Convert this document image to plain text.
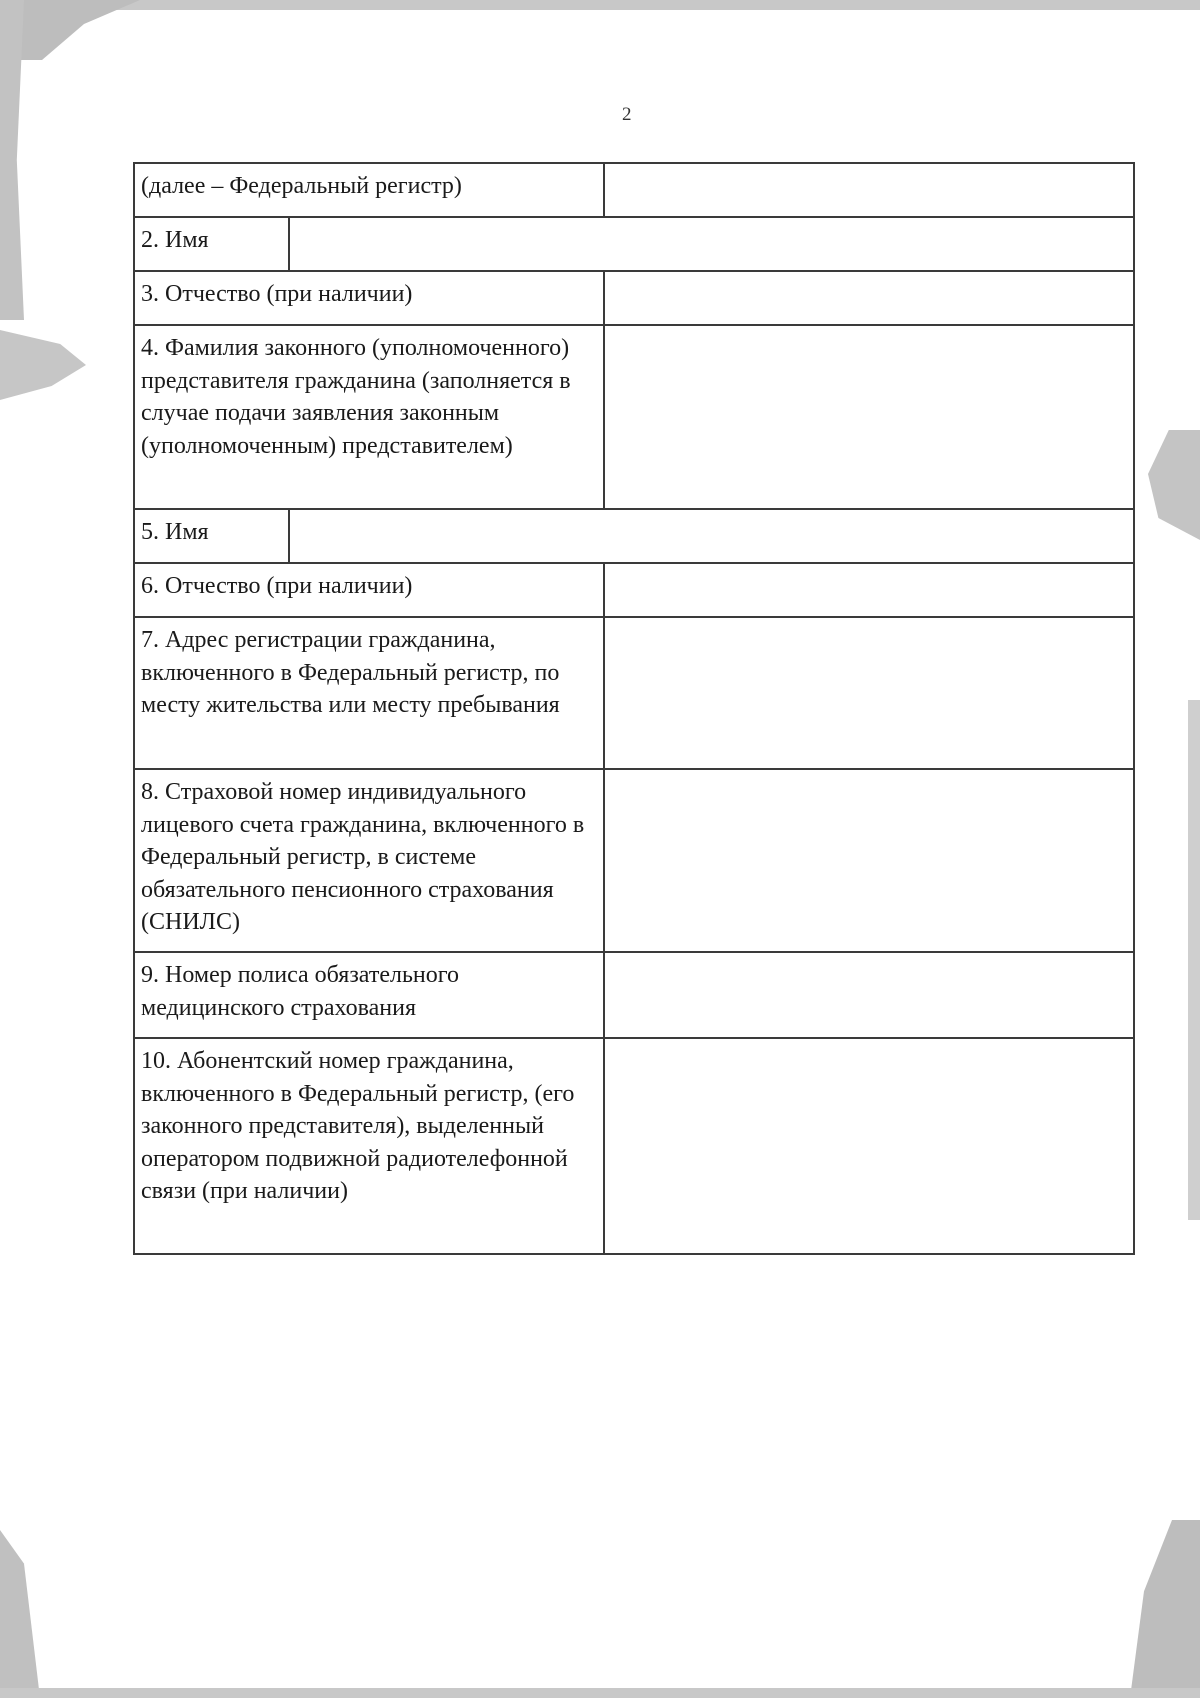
2
(далее – Федеральный регистр)		
2. Имя		
3. Отчество (при наличии)		
4. Фамилия законного (уполномоченного) представителя гражданина (заполняется в случае подачи заявления законным (уполномоченным) представителем)		
5. Имя		
6. Отчество (при наличии)		
7. Адрес регистрации гражданина, включенного в Федеральный регистр, по месту жительства или месту пребывания		
8. Страховой номер индивидуального лицевого счета гражданина, включенного в Федеральный регистр, в системе обязательного пенсионного страхования (СНИЛС)		
9. Номер полиса обязательного медицинского страхования		
10. Абонентский номер гражданина, включенного в Федеральный регистр, (его законного представителя), выделенный оператором подвижной радиотелефонной связи (при наличии)		
